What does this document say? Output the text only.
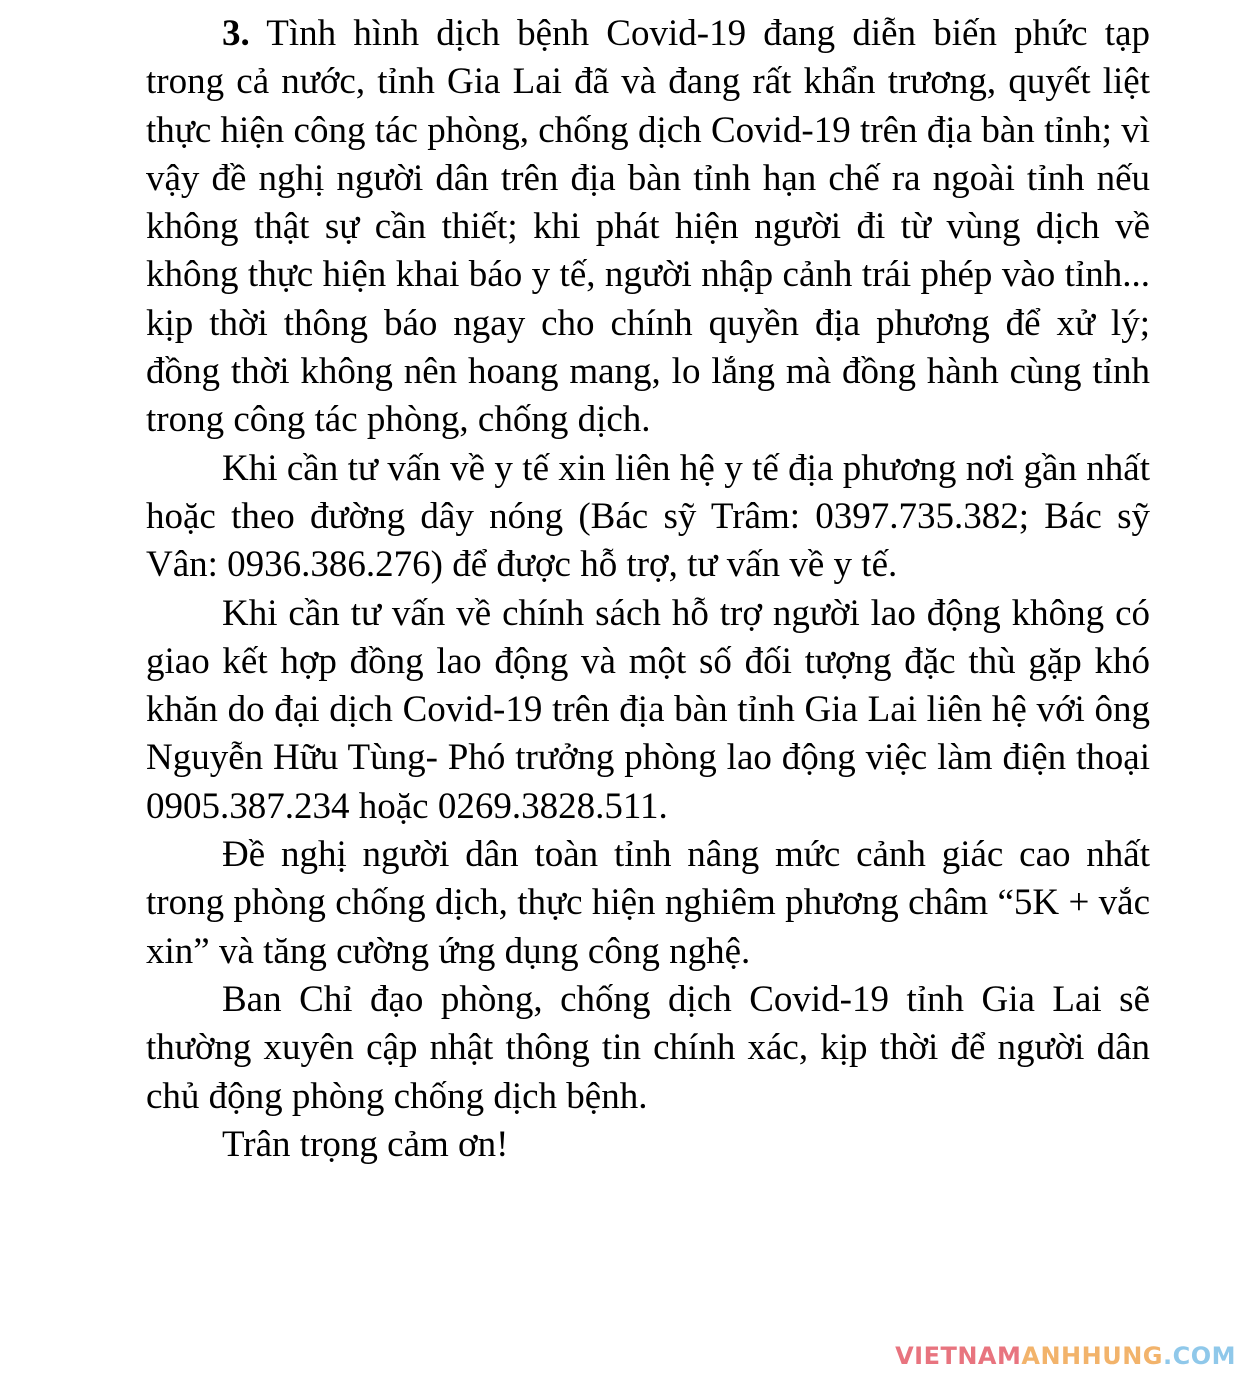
3. Tình hình dịch bệnh Covid-19 đang diễn biến phức tạp trong cả nước, tỉnh Gia Lai đã và đang rất khẩn trương, quyết liệt thực hiện công tác phòng, chống dịch Covid-19 trên địa bàn tỉnh; vì vậy đề nghị người dân trên địa bàn tỉnh hạn chế ra ngoài tỉnh nếu không thật sự cần thiết; khi phát hiện người đi từ vùng dịch về không thực hiện khai báo y tế, người nhập cảnh trái phép vào tỉnh... kịp thời thông báo ngay cho chính quyền địa phương để xử lý; đồng thời không nên hoang mang, lo lắng mà đồng hành cùng tỉnh trong công tác phòng, chống dịch.

Khi cần tư vấn về y tế xin liên hệ y tế địa phương nơi gần nhất hoặc theo đường dây nóng (Bác sỹ Trâm: 0397.735.382; Bác sỹ Vân: 0936.386.276) để được hỗ trợ, tư vấn về y tế.

Khi cần tư vấn về chính sách hỗ trợ người lao động không có giao kết hợp đồng lao động và một số đối tượng đặc thù gặp khó khăn do đại dịch Covid-19 trên địa bàn tỉnh Gia Lai liên hệ với ông Nguyễn Hữu Tùng- Phó trưởng phòng lao động việc làm điện thoại 0905.387.234 hoặc 0269.3828.511.

Đề nghị người dân toàn tỉnh nâng mức cảnh giác cao nhất trong phòng chống dịch, thực hiện nghiêm phương châm “5K + vắc xin” và tăng cường ứng dụng công nghệ.

Ban Chỉ đạo phòng, chống dịch Covid-19 tỉnh Gia Lai sẽ thường xuyên cập nhật thông tin chính xác, kịp thời để người dân chủ động phòng chống dịch bệnh.

Trân trọng cảm ơn!

VIETNAMANHHUNG.COM
